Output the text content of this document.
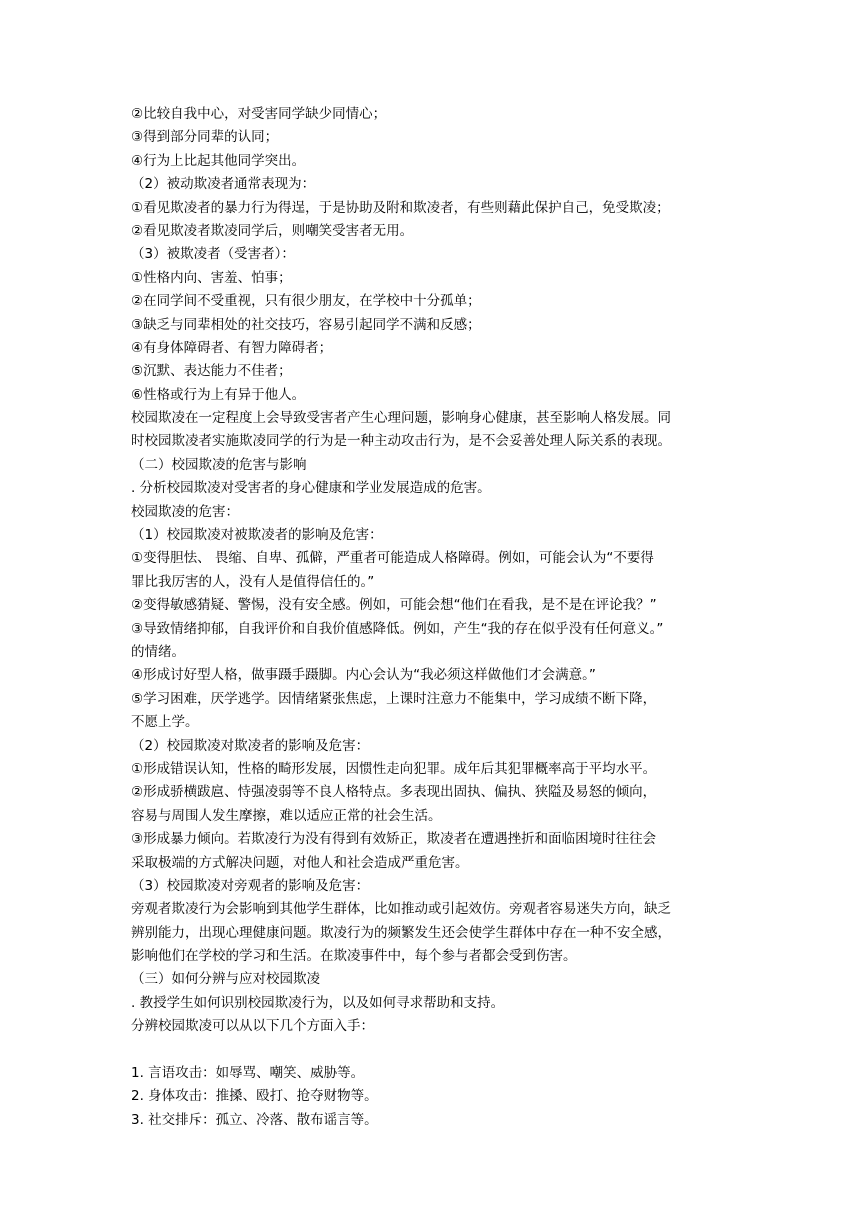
②比较自我中心，对受害同学缺少同情心；
③得到部分同辈的认同；
④行为上比起其他同学突出。
（2）被动欺凌者通常表现为：
①看见欺凌者的暴力行为得逞，于是协助及附和欺凌者，有些则藉此保护自己，免受欺凌；
②看见欺凌者欺凌同学后，则嘲笑受害者无用。
（3）被欺凌者（受害者）：
①性格内向、害羞、怕事；
②在同学间不受重视，只有很少朋友，在学校中十分孤单；
③缺乏与同辈相处的社交技巧，容易引起同学不满和反感；
④有身体障碍者、有智力障碍者；
⑤沉默、表达能力不佳者；
⑥性格或行为上有异于他人。
校园欺凌在一定程度上会导致受害者产生心理问题，影响身心健康，甚至影响人格发展。同
时校园欺凌者实施欺凌同学的行为是一种主动攻击行为，是不会妥善处理人际关系的表现。
（二）校园欺凌的危害与影响
. 分析校园欺凌对受害者的身心健康和学业发展造成的危害。
校园欺凌的危害：
（1）校园欺凌对被欺凌者的影响及危害：
①变得胆怯、 畏缩、自卑、孤僻，严重者可能造成人格障碍。例如，可能会认为“不要得
罪比我厉害的人，没有人是值得信任的。”
②变得敏感猜疑、警惕，没有安全感。例如，可能会想“他们在看我，是不是在评论我？”
③导致情绪抑郁，自我评价和自我价值感降低。例如，产生“我的存在似乎没有任何意义。”
的情绪。
④形成讨好型人格，做事蹑手蹑脚。内心会认为“我必须这样做他们才会满意。”
⑤学习困难，厌学逃学。因情绪紧张焦虑，上课时注意力不能集中，学习成绩不断下降，
不愿上学。
（2）校园欺凌对欺凌者的影响及危害：
①形成错误认知，性格的畸形发展，因惯性走向犯罪。成年后其犯罪概率高于平均水平。
②形成骄横跋扈、恃强凌弱等不良人格特点。多表现出固执、偏执、狭隘及易怒的倾向，
容易与周围人发生摩擦，难以适应正常的社会生活。
③形成暴力倾向。若欺凌行为没有得到有效矫正，欺凌者在遭遇挫折和面临困境时往往会
采取极端的方式解决问题，对他人和社会造成严重危害。
（3）校园欺凌对旁观者的影响及危害：
旁观者欺凌行为会影响到其他学生群体，比如推动或引起效仿。旁观者容易迷失方向，缺乏
辨别能力，出现心理健康问题。欺凌行为的频繁发生还会使学生群体中存在一种不安全感，
影响他们在学校的学习和生活。在欺凌事件中，每个参与者都会受到伤害。
（三）如何分辨与应对校园欺凌
. 教授学生如何识别校园欺凌行为，以及如何寻求帮助和支持。
分辨校园欺凌可以从以下几个方面入手：
1. 言语攻击：如辱骂、嘲笑、威胁等。
2. 身体攻击：推搡、殴打、抢夺财物等。
3. 社交排斥：孤立、冷落、散布谣言等。
